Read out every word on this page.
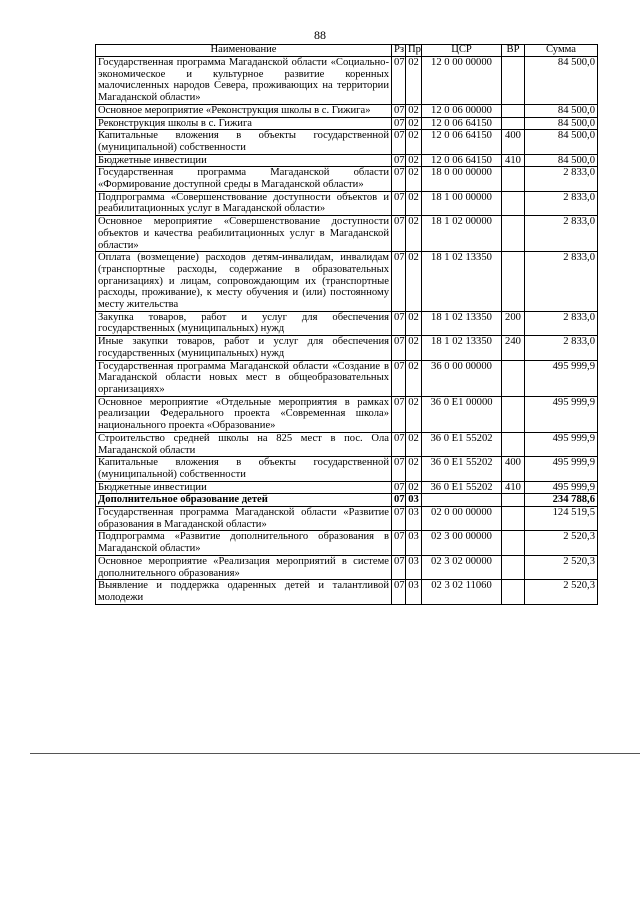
88
Наименование	Рз	Пр	ЦСР	ВР	Сумма
Государственная программа Магаданской области «Социально-экономическое и культурное развитие коренных малочисленных народов Севера, проживающих на территории Магаданской области»	07	02	12 0 00 00000		84 500,0
Основное мероприятие «Реконструкция школы в с. Гижига»	07	02	12 0 06 00000		84 500,0
Реконструкция школы в с. Гижига	07	02	12 0 06 64150		84 500,0
Капитальные вложения в объекты государственной (муниципальной) собственности	07	02	12 0 06 64150	400	84 500,0
Бюджетные инвестиции	07	02	12 0 06 64150	410	84 500,0
Государственная программа Магаданской области «Формирование доступной среды в Магаданской области»	07	02	18 0 00 00000		2 833,0
Подпрограмма «Совершенствование доступности объектов и реабилитационных услуг в Магаданской области»	07	02	18 1 00 00000		2 833,0
Основное мероприятие «Совершенствование доступности объектов и качества реабилитационных услуг в Магаданской области»	07	02	18 1 02 00000		2 833,0
Оплата (возмещение) расходов детям-инвалидам, инвалидам (транспортные расходы, содержание в образовательных организациях) и лицам, сопровождающим их (транспортные расходы, проживание), к месту обучения и (или) постоянному месту жительства	07	02	18 1 02 13350		2 833,0
Закупка товаров, работ и услуг для обеспечения государственных (муниципальных) нужд	07	02	18 1 02 13350	200	2 833,0
Иные закупки товаров, работ и услуг для обеспечения государственных (муниципальных) нужд	07	02	18 1 02 13350	240	2 833,0
Государственная программа Магаданской области «Создание в Магаданской области новых мест в общеобразовательных организациях»	07	02	36 0 00 00000		495 999,9
Основное мероприятие «Отдельные мероприятия в рамках реализации Федерального проекта «Современная школа» национального проекта «Образование»	07	02	36 0 E1 00000		495 999,9
Строительство средней школы на 825 мест в пос. Ола Магаданской области	07	02	36 0 E1 55202		495 999,9
Капитальные вложения в объекты государственной (муниципальной) собственности	07	02	36 0 E1 55202	400	495 999,9
Бюджетные инвестиции	07	02	36 0 E1 55202	410	495 999,9
Дополнительное образование детей	07	03			234 788,6
Государственная программа Магаданской области «Развитие образования в Магаданской области»	07	03	02 0 00 00000		124 519,5
Подпрограмма «Развитие дополнительного образования в Магаданской области»	07	03	02 3 00 00000		2 520,3
Основное мероприятие «Реализация мероприятий в системе дополнительного образования»	07	03	02 3 02 00000		2 520,3
Выявление и поддержка одаренных детей и талантливой молодежи	07	03	02 3 02 11060		2 520,3
